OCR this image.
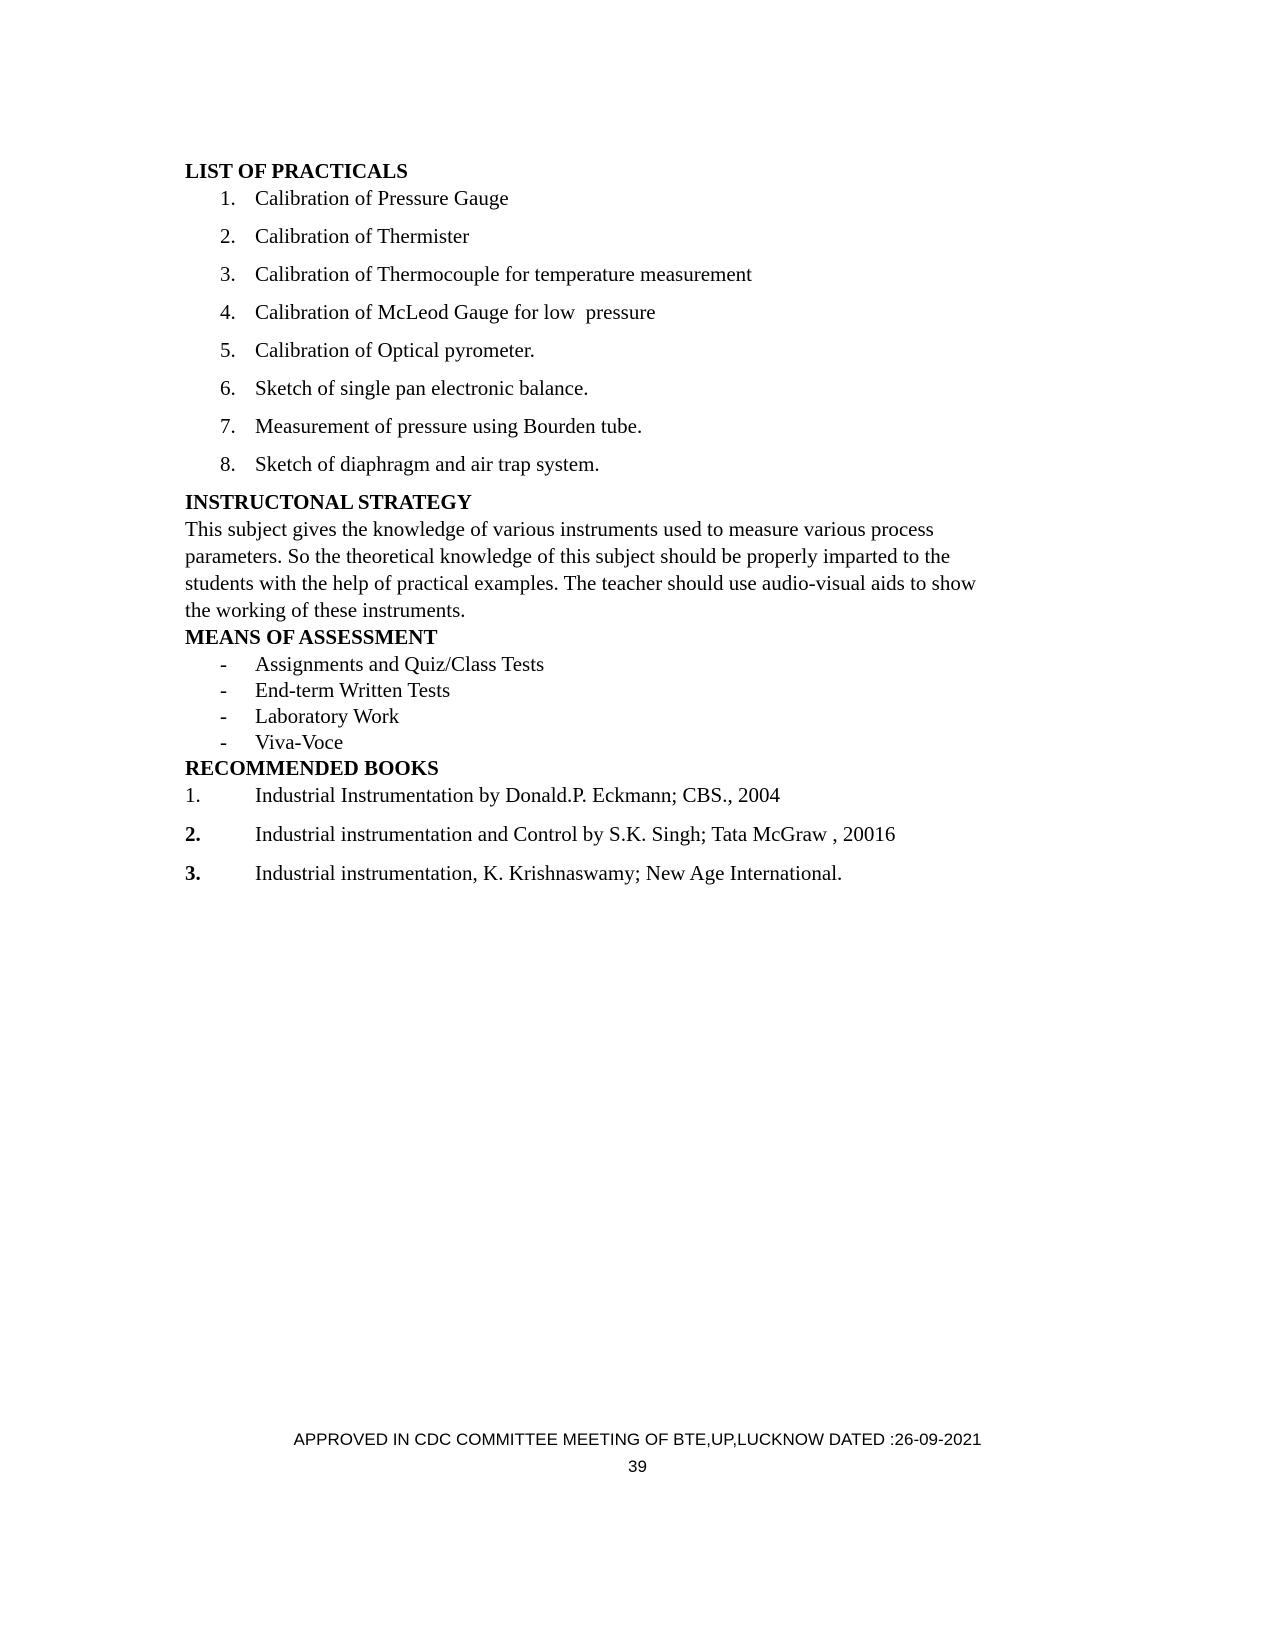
LIST OF PRACTICALS
1. Calibration of Pressure Gauge
2. Calibration of Thermister
3. Calibration of Thermocouple for temperature measurement
4. Calibration of McLeod Gauge for low  pressure
5. Calibration of Optical pyrometer.
6. Sketch of single pan electronic balance.
7. Measurement of pressure using Bourden tube.
8. Sketch of diaphragm and air trap system.
INSTRUCTONAL STRATEGY

This subject gives the knowledge of various instruments used to measure various process parameters. So the theoretical knowledge of this subject should be properly imparted to the students with the help of practical examples. The teacher should use audio-visual aids to show the working of these instruments.

MEANS OF ASSESSMENT
-	Assignments and Quiz/Class Tests
-	End-term Written Tests
-	Laboratory Work
-	Viva-Voce
RECOMMENDED BOOKS
1.	Industrial Instrumentation by Donald.P. Eckmann; CBS., 2004
2.	Industrial instrumentation and Control by S.K. Singh; Tata McGraw , 20016
3.	Industrial instrumentation, K. Krishnaswamy; New Age International.
APPROVED IN CDC COMMITTEE MEETING OF BTE,UP,LUCKNOW DATED :26-09-2021
39
